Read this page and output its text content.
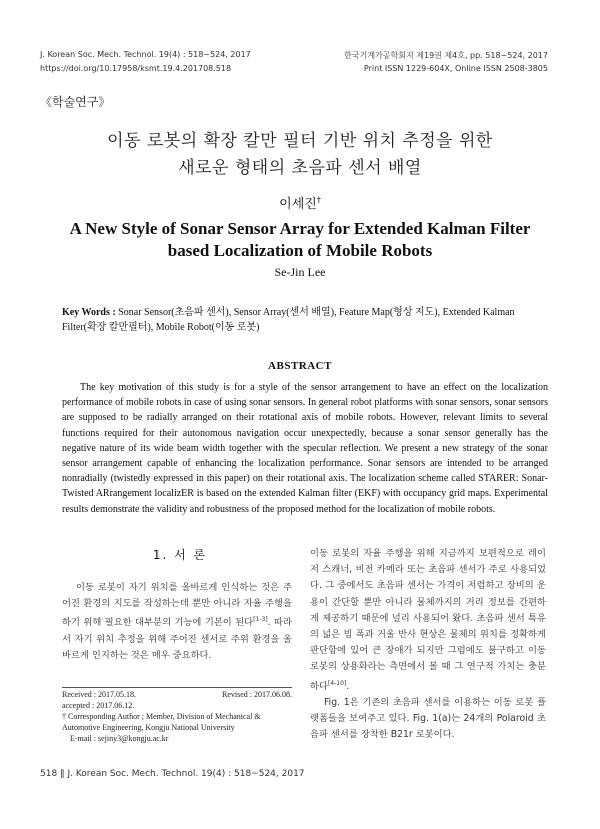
J. Korean Soc. Mech. Technol. 19(4) : 518~524, 2017
https://doi.org/10.17958/ksmt.19.4.201708.518
한국기계가공학회지 제19권 제4호, pp. 518~524, 2017
Print ISSN 1229-604X, Online ISSN 2508-3805
《학술연구》
이동 로봇의 확장 칼만 필터 기반 위치 추정을 위한
새로운 형태의 초음파 센서 배열
이세진†
A New Style of Sonar Sensor Array for Extended Kalman Filter
based Localization of Mobile Robots
Se-Jin Lee
Key Words : Sonar Sensor(초음파 센서), Sensor Array(센서 배열), Feature Map(형상 지도), Extended Kalman Filter(확장 칼만필터), Mobile Robot(이동 로봇)
ABSTRACT

The key motivation of this study is for a style of the sensor arrangement to have an effect on the localization performance of mobile robots in case of using sonar sensors. In general robot platforms with sonar sensors, sonar sensors are supposed to be radially arranged on their rotational axis of mobile robots. However, relevant limits to several functions required for their autonomous navigation occur unexpectedly, because a sonar sensor generally has the negative nature of its wide beam width together with the specular reflection. We present a new strategy of the sonar sensor arrangement capable of enhancing the localization performance. Sonar sensors are intended to be arranged nonradially (twistedly expressed in this paper) on their rotational axis. The localization scheme called STARER: Sonar-Twisted ARrangement localizER is based on the extended Kalman filter (EKF) with occupancy grid maps. Experimental results demonstrate the validity and robustness of the proposed method for the localization of mobile robots.

1. 서 론

이동 로봇이 자기 위치를 올바르게 인식하는 것은 주어진 환경의 지도를 작성하는데 뿐만 아니라 자율 주행을 하기 위해 필요한 대부분의 기능에 기본이 된다[1-3]. 따라서 자기 위치 추정을 위해 주어진 센서로 주위 환경을 올바르게 인지하는 것은 매우 중요하다.

이동 로봇의 자율 주행을 위해 지금까지 보편적으로 레이저 스캐너, 비전 카메라 또는 초음파 센서가 주로 사용되었다. 그 중에서도 초음파 센서는 가격이 저렴하고 장비의 운용이 간단할 뿐만 아니라 물체까지의 거리 정보를 간편하게 제공하기 때문에 널리 사용되어 왔다. 초음파 센서 특유의 넓은 빔 폭과 거울 반사 현상은 물체의 위치를 정확하게 판단함에 있어 큰 장애가 되지만 그럼에도 불구하고 이동 로봇의 상용화라는 측면에서 볼 때 그 연구적 가치는 충분하다[4-10].

Fig. 1은 기존의 초음파 센서를 이용하는 이동 로봇 플랫폼들을 보여주고 있다. Fig. 1(a)는 24개의 Polaroid 초음파 센서를 장착한 B21r 로봇이다.

Received : 2017.05.18.	Revised : 2017.06.08.
accepted : 2017.06.12.
† Corresponding Author ; Member, Division of Mechanical & Automotive Engineering, Kongju National University
E-mail : sejiny3@kongju.ac.kr
518 ‖ J. Korean Soc. Mech. Technol. 19(4) : 518~524, 2017
